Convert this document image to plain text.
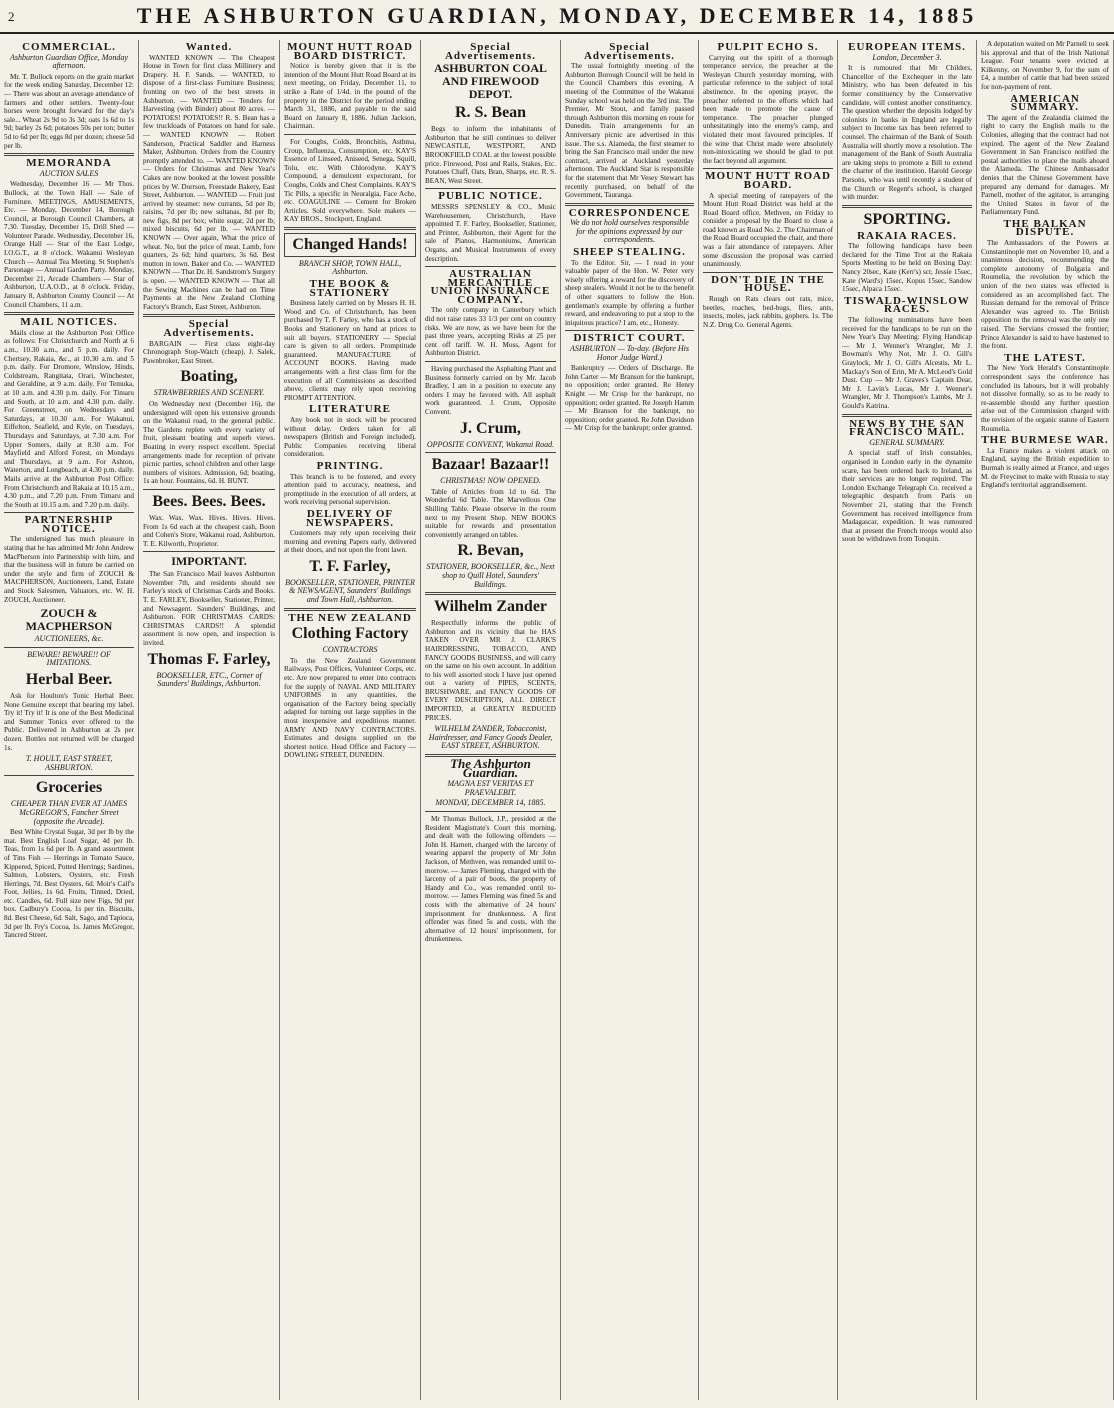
2	THE ASHBURTON GUARDIAN, MONDAY, DECEMBER 14, 1885
COMMERCIAL.
Ashburton Guardian Office, Monday afternoon.

Mr. T. Bullock reports on the grain market for the week ending Saturday, December 12:— There was about an average attendance of farmers and other settlers. Twenty-four horses were brought forward for the day's sale... Wheat 2s 9d to 3s 3d; oats 1s 6d to 1s 9d; barley 2s 6d; potatoes 50s per ton; butter 5d to 6d per lb; eggs 8d per dozen; cheese 5d per lb.

MEMORANDA
AUCTION SALES

Wednesday, December 16 — Mr Thos. Bullock, at the Town Hall — Sale of Furniture. MEETINGS, AMUSEMENTS, Etc. — Monday, December 14, Borough Council, at Borough Council Chambers, at 7.30. Tuesday, December 15, Drill Shed — Volunteer Parade. Wednesday, December 16, Orange Hall — Star of the East Lodge, I.O.G.T., at 8 o'clock. Wakanui Wesleyan Church — Annual Tea Meeting. St Stephen's Parsonage — Annual Garden Party. Monday, December 21, Arcade Chambers — Star of Ashburton, U.A.O.D., at 8 o'clock. Friday, January 8, Ashburton County Council — At Council Chambers, 11 a.m.

MAIL NOTICES.

Mails close at the Ashburton Post Office as follows: For Christchurch and North at 6 a.m., 10.30 a.m., and 5 p.m. daily. For Chertsey, Rakaia, &c., at 10.30 a.m. and 5 p.m. daily. For Dromore, Winslow, Hinds, Coldstream, Rangitata, Orari, Winchester, and Geraldine, at 9 a.m. daily. For Temuka, at 10 a.m. and 4.30 p.m. daily. For Timaru and South, at 10 a.m. and 4.30 p.m. daily. For Greenstreet, on Wednesdays and Saturdays, at 10.30 a.m. For Wakanui, Eiffelton, Seafield, and Kyle, on Tuesdays, Thursdays and Saturdays, at 7.30 a.m. For Upper Somers, daily at 8.30 a.m. For Mayfield and Alford Forest, on Mondays and Thursdays, at 9 a.m. For Ashton, Waterton, and Longbeach, at 4.30 p.m. daily. Mails arrive at the Ashburton Post Office: From Christchurch and Rakaia at 10.15 a.m., 4.30 p.m., and 7.20 p.m. From Timaru and the South at 10.15 a.m. and 7.20 p.m. daily.

PARTNERSHIP NOTICE.

The undersigned has much pleasure in stating that he has admitted Mr John Andrew MacPherson into Partnership with him, and that the business will in future be carried on under the style and firm of ZOUCH & MACPHERSON, Auctioneers, Land, Estate and Stock Salesmen, Valuators, etc. W. H. ZOUCH, Auctioneer.

ZOUCH & MACPHERSON
AUCTIONEERS, &c.
BEWARE! BEWARE!! OF IMITATIONS.
Herbal Beer.

Ask for Houlton's Tonic Herbal Beer. None Genuine except that bearing my label. Try it! Try it! It is one of the Best Medicinal and Summer Tonics ever offered to the Public. Delivered in Ashburton at 2s per dozen. Bottles not returned will be charged 1s.

T. HOULT, EAST STREET, ASHBURTON.
Groceries
CHEAPER THAN EVER AT JAMES McGREGOR'S, Fancher Street (opposite the Arcade).

Best White Crystal Sugar, 3d per lb by the mat. Best English Loaf Sugar, 4d per lb. Teas, from 1s 6d per lb. A grand assortment of Tins Fish — Herrings in Tomato Sauce, Kippered, Spiced, Potted Herrings; Sardines, Salmon, Lobsters, Oysters, etc. Fresh Herrings, 7d. Best Oysters, 6d. Moir's Calf's Foot, Jellies, 1s 6d. Fruits, Tinned, Dried, etc. Candles, 6d. Full size new Figs, 9d per box. Cadbury's Cocoa, 1s per tin. Biscuits, 8d. Best Cheese, 6d. Salt, Sago, and Tapioca, 3d per lb. Fry's Cocoa, 1s. James McGregor, Tancred Street.

Wanted.

WANTED KNOWN — The Cheapest House in Town for first class Millinery and Drapery. H. F. Sands. — WANTED, to dispose of a first-class Furniture Business; fronting on two of the best streets in Ashburton. — WANTED — Tenders for Harvesting (with Binder) about 80 acres. — POTATOES! POTATOES!! R. S. Bean has a few truckloads of Potatoes on hand for sale. — WANTED KNOWN — Robert Sanderson, Practical Saddler and Harness Maker, Ashburton. Orders from the Country promptly attended to. — WANTED KNOWN — Orders for Christmas and New Year's Cakes are now booked at the lowest possible prices by W. Dorrson, Freestade Bakery, East Street, Ashburton. — WANTED — Fruit just arrived by steamer: new currants, 5d per lb; raisins, 7d per lb; new sultanas, 8d per lb; new figs, 8d per box; white sugar, 2d per lb; mixed biscuits, 6d per lb. — WANTED KNOWN — Over again, What the price of wheat. No, but the price of meat. Lamb, fore quarters, 2s 6d; hind quarters, 3s 6d. Best mutton in town. Baker and Co. — WANTED KNOWN — That Dr. H. Sandstrom's Surgery is open. — WANTED KNOWN — That all the Sewing Machines can be had on Time Payments at the New Zealand Clothing Factory's Branch, East Street, Ashburton.

Special Advertisements.

BARGAIN — First class eight-day Chronograph Stop-Watch (cheap). J. Salek, Pawnbroker, East Street.

Boating,
STRAWBERRIES AND SCENERY.

On Wednesday next (December 16), the undersigned will open his extensive grounds on the Wakanui road, to the general public. The Gardens replete with every variety of fruit, pleasant boating and superb views. Boating in every respect excellent. Special arrangements made for reception of private picnic parties, school children and other large numbers of visitors. Admission, 6d; boating, 1s an hour. Fountains, 6d. H. BUNT.

Bees. Bees. Bees.

Wax. Wax. Wax. Hives. Hives. Hives. From 1s 6d each at the cheapest cash, Boon and Cohen's Store, Wakanui road, Ashburton. T. E. Kilworth, Proprietor.

IMPORTANT.

The San Francisco Mail leaves Ashburton November 7th, and residents should see Farley's stock of Christmas Cards and Books. T. E. FARLEY, Bookseller, Stationer, Printer, and Newsagent. Saunders' Buildings, and Ashburton. FOR CHRISTMAS CARDS: CHRISTMAS CARDS!! A splendid assortment is now open, and inspection is invited.

Thomas F. Farley,
BOOKSELLER, ETC., Corner of Saunders' Buildings, Ashburton.
MOUNT HUTT ROAD BOARD DISTRICT.

Notice is hereby given that it is the intention of the Mount Hutt Road Board at its next meeting, on Friday, December 11, to strike a Rate of 1/4d. in the pound of the property in the District for the period ending March 31, 1886, and payable to the said Board on January 8, 1886. Julian Jackson, Chairman.

For Coughs, Colds, Bronchitis, Asthma, Croup, Influenza, Consumption, etc. KAY'S Essence of Linseed, Aniseed, Senega, Squill, Tolu, etc. With Chlorodyne. KAY'S Compound, a demulcent expectorant, for Coughs, Colds and Chest Complaints. KAY'S Tic Pills, a specific in Neuralgia, Face Ache, etc. COAGULINE — Cement for Broken Articles. Sold everywhere. Sole makers — KAY BROS., Stockport, England.

Changed Hands!
BRANCH SHOP, TOWN HALL, Ashburton.
THE BOOK & STATIONERY

Business lately carried on by Messrs H. H. Wood and Co. of Christchurch, has been purchased by T. F. Farley, who has a stock of Books and Stationery on hand at prices to suit all buyers. STATIONERY — Special care is given to all orders. Promptitude guaranteed. MANUFACTURE of ACCOUNT BOOKS. Having made arrangements with a first class firm for the execution of all Commissions as described above, clients may rely upon receiving PROMPT ATTENTION.

LITERATURE

Any book not in stock will be procured without delay. Orders taken for all newspapers (British and Foreign included). Public Companies receiving liberal consideration.

PRINTING.

This branch is to be fostered, and every attention paid to accuracy, neatness, and promptitude in the execution of all orders, at work receiving personal supervision.

DELIVERY OF NEWSPAPERS.

Customers may rely upon receiving their morning and evening Papers early, delivered at their doors, and not upon the front lawn.

T. F. Farley,
BOOKSELLER, STATIONER, PRINTER & NEWSAGENT, Saunders' Buildings and Town Hall, Ashburton.
THE NEW ZEALAND
Clothing Factory
CONTRACTORS

To the New Zealand Government Railways, Post Offices, Volunteer Corps, etc. etc. Are now prepared to enter into contracts for the supply of NAVAL AND MILITARY UNIFORMS in any quantities, the organisation of the Factory being specially adapted for turning out large supplies in the most inexpensive and expeditious manner. ARMY AND NAVY CONTRACTORS. Estimates and designs supplied on the shortest notice. Head Office and Factory — DOWLING STREET, DUNEDIN.

Special Advertisements.
ASHBURTON COAL AND FIREWOOD DEPOT.
R. S. Bean

Begs to inform the inhabitants of Ashburton that he still continues to deliver NEWCASTLE, WESTPORT, AND BROOKFIELD COAL at the lowest possible price. Firewood, Post and Rails, Stakes, Etc. Potatoes Chaff, Oats, Bran, Sharps, etc. R. S. BEAN, West Street.

PUBLIC NOTICE.

MESSRS SPENSLEY & CO., Music Warehousemen, Christchurch, Have appointed T. F. Farley, Bookseller, Stationer, and Printer, Ashburton, their Agent for the sale of Pianos, Harmoniums, American Organs, and Musical Instruments of every description.

AUSTRALIAN MERCANTILE UNION INSURANCE COMPANY.

The only company in Canterbury which did not raise rates 33 1/3 per cent on country risks. We are now, as we have been for the past three years, accepting Risks at 25 per cent off tariff. W. H. Moss, Agent for Ashburton District.

Having purchased the Asphalting Plant and Business formerly carried on by Mr. Jacob Bradley, I am in a position to execute any orders I may be favored with. All asphalt work guaranteed. J. Crum, Opposite Convent.

J. Crum,
OPPOSITE CONVENT, Wakanui Road.
Bazaar! Bazaar!!
CHRISTMAS! NOW OPENED.

Table of Articles from 1d to 6d. The Wonderful 6d Table. The Marvellous One Shilling Table. Please observe in the room next to my Present Shop. NEW BOOKS suitable for rewards and presentation conveniently arranged on tables.

R. Bevan,
STATIONER, BOOKSELLER, &c., Next shop to Quill Hotel, Saunders' Buildings.
Wilhelm Zander

Respectfully informs the public of Ashburton and its vicinity that he HAS TAKEN OVER MR J. CLARK'S HAIRDRESSING, TOBACCO, AND FANCY GOODS BUSINESS, and will carry on the same on his own account. In addition to his well assorted stock I have just opened out a variety of PIPES, SCENTS, BRUSHWARE, and FANCY GOODS OF EVERY DESCRIPTION, ALL DIRECT IMPORTED, at GREATLY REDUCED PRICES.

WILHELM ZANDER, Tobacconist, Hairdresser, and Fancy Goods Dealer, EAST STREET, ASHBURTON.
The Ashburton Guardian.
MAGNA EST VERITAS ET PRAEVALEBIT.
MONDAY, DECEMBER 14, 1885.

Mr Thomas Bullock, J.P., presided at the Resident Magistrate's Court this morning, and dealt with the following offenders — John H. Harnett, charged with the larceny of wearing apparel the property of Mr John Jackson, of Methven, was remanded until to-morrow. — James Fleming, charged with the larceny of a pair of boots, the property of Handy and Co., was remanded until to-morrow. — James Fleming was fined 5s and costs with the alternative of 24 hours' imprisonment for drunkenness. A first offender was fined 5s and costs, with the alternative of 12 hours' imprisonment, for drunkenness.

Special Advertisements.

The usual fortnightly meeting of the Ashburton Borough Council will be held in the Council Chambers this evening. A meeting of the Committee of the Wakanui Sunday school was held on the 3rd inst. The Premier, Mr Stout, and family passed through Ashburton this morning en route for Dunedin. Train arrangements for an Anniversary picnic are advertised in this issue. The s.s. Alameda, the first steamer to bring the San Francisco mail under the new contract, arrived at Auckland yesterday afternoon. The Auckland Star is responsible for the statement that Mr Vesey Stewart has recently purchased, on behalf of the Government, Tauranga.

CORRESPONDENCE
We do not hold ourselves responsible for the opinions expressed by our correspondents.
SHEEP STEALING.

To the Editor. Sir, — I read in your valuable paper of the Hon. W. Peter very wisely offering a reward for the discovery of sheep stealers. Would it not be to the benefit of other squatters to follow the Hon. gentleman's example by offering a further reward, and endeavoring to put a stop to the iniquitous practice? I am, etc., Honesty.

DISTRICT COURT.
ASHBURTON — To-day. (Before His Honor Judge Ward.)

Bankruptcy — Orders of Discharge. Re John Carter — Mr Branson for the bankrupt, no opposition; order granted. Re Henry Knight — Mr Crisp for the bankrupt, no opposition; order granted. Re Joseph Hamm — Mr Branson for the bankrupt, no opposition; order granted. Re John Davidson — Mr Crisp for the bankrupt; order granted.

PULPIT ECHO S.

Carrying out the spirit of a thorough temperance service, the preacher at the Wesleyan Church yesterday morning, with particular reference to the subject of total abstinence. In the opening prayer, the preacher referred to the efforts which had been made to promote the cause of temperance. The preacher plunged unhesitatingly into the enemy's camp, and violated their most favoured principles. If the wine that Christ made were absolutely non-intoxicating we should be glad to put the fact beyond all argument.

MOUNT HUTT ROAD BOARD.

A special meeting of ratepayers of the Mount Hutt Road District was held at the Road Board office, Methven, on Friday to consider a proposal by the Board to close a road known as Road No. 2. The Chairman of the Road Board occupied the chair, and there was a fair attendance of ratepayers. After some discussion the proposal was carried unanimously.

DON'T DIE IN THE HOUSE.

Rough on Rats clears out rats, mice, beetles, roaches, bed-bugs, flies, ants, insects, moles, jack rabbits, gophers. 1s. The N.Z. Drug Co. General Agents.

EUROPEAN ITEMS.
London, December 3.

It is rumoured that Mr Childers, Chancellor of the Exchequer in the late Ministry, who has been defeated in his former constituency by the Conservative candidate, will contest another constituency. The question whether the deposits lodged by colonists in banks in England are legally subject to Income tax has been referred to counsel. The chairman of the Bank of South Australia will shortly move a resolution. The management of the Bank of South Australia are taking steps to promote a Bill to extend the charter of the institution. Harold George Parsons, who was until recently a student of the Church or Regent's school, is charged with murder.

SPORTING.
RAKAIA RACES.

The following handicaps have been declared for the Time Trot at the Rakaia Sports Meeting to be held on Boxing Day: Nancy 20sec, Kate (Kerr's) scr, Jessie 15sec, Kate (Ward's) 15sec, Kopus 15sec, Sandow 15sec, Alpaca 15sec.

TISWALD-WINSLOW RACES.

The following nominations have been received for the handicaps to be run on the New Year's Day Meeting: Flying Handicap — Mr J. Wenner's Wrangler, Mr J. Bowman's Why Not, Mr J. O. Gill's Graylock, Mr J. O. Gill's Alcestis, Mr L. Mackay's Son of Erin, Mr A. McLeod's Gold Dust. Cup — Mr J. Graves's Captain Dear, Mr J. Lavin's Lucas, Mr J. Wenner's Wrangler, Mr J. Thompson's Lambs, Mr J. Gould's Katrina.

NEWS BY THE SAN FRANCISCO MAIL.
GENERAL SUMMARY.

A special staff of Irish constables, organised in London early in the dynamite scare, has been ordered back to Ireland, as their services are no longer required. The London Exchange Telegraph Co. received a telegraphic despatch from Paris on November 21, stating that the French Government has received intelligence from Madagascar, expedition. It was rumoured that at present the French troops would also soon be withdrawn from Tonquin.

A deputation waited on Mr Parnell to seek his approval and that of the Irish National League. Four tenants were evicted at Kilkenny, on November 9, for the sum of £4, a number of cattle that had been seized for non-payment of rent.

AMERICAN SUMMARY.

The agent of the Zealandia claimed the right to carry the English mails to the Colonies, alleging that the contract had not expired. The agent of the New Zealand Government in San Francisco notified the postal authorities to place the mails aboard the Alameda. The Chinese Ambassador denies that the Chinese Government have prepared any demand for damages. Mr Parnell, mother of the agitator, is arranging the United States in favor of the Parliamentary Fund.

THE BALKAN DISPUTE.

The Ambassadors of the Powers at Constantinople met on November 10, and a unanimous decision, recommending the complete autonomy of Bulgaria and Roumelia, the revolution by which the union of the two states was effected is considered as an accomplished fact. The Russian demand for the removal of Prince Alexander was agreed to. The British opposition to the removal was the only one raised. The Servians crossed the frontier; Prince Alexander is said to have hastened to the front.

THE LATEST.

The New York Herald's Constantinople correspondent says the conference has concluded its labours, but it will probably not dissolve formally, so as to be ready to re-assemble should any further question arise out of the Commission charged with the revision of the organic statute of Eastern Roumelia.

THE BURMESE WAR.

La France makes a violent attack on England, saying the British expedition to Burmah is really aimed at France, and urges M. de Freycinet to make with Russia to stay England's territorial aggrandisement.
